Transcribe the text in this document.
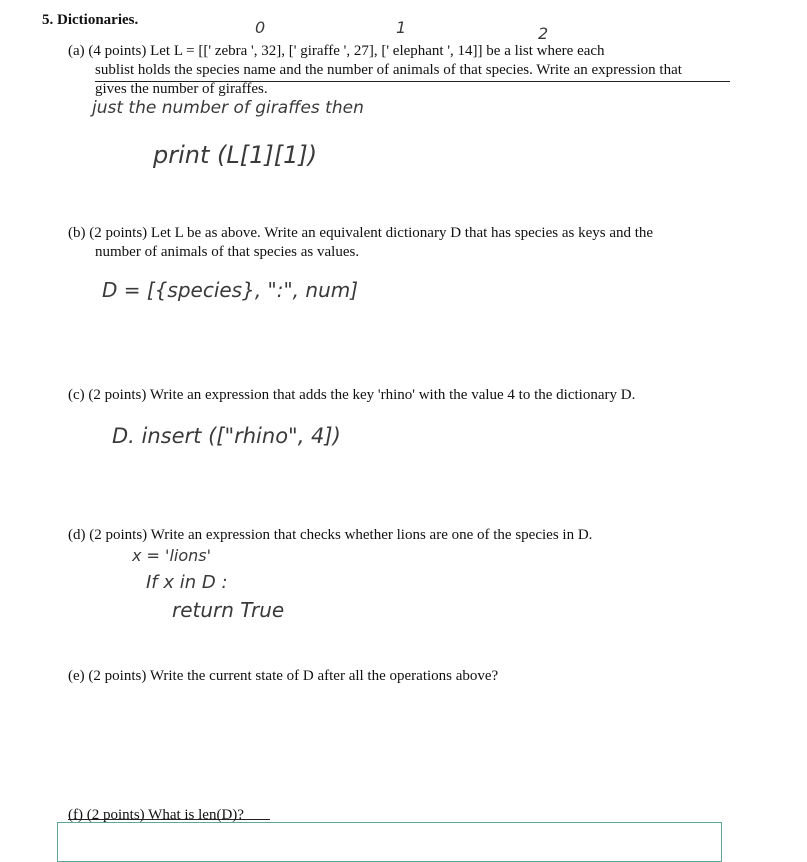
5. Dictionaries.	0	1	2
(a) (4 points) Let L = [[' zebra ', 32], [' giraffe ', 27], [' elephant ', 14]] be a list where each
sublist holds the species name and the number of animals of that species. Write an expression that
gives the number of giraffes.
just the number of giraffes then
print (L[1][1])
(b) (2 points) Let L be as above. Write an equivalent dictionary D that has species as keys and the
number of animals of that species as values.
D = [{species}, ":", num]
(c) (2 points) Write an expression that adds the key 'rhino' with the value 4 to the dictionary D.
D. insert (["rhino", 4])
(d) (2 points) Write an expression that checks whether lions are one of the species in D.
x = 'lions'
If x in D :
return True
(e) (2 points) Write the current state of D after all the operations above?
(f) (2 points) What is len(D)?
